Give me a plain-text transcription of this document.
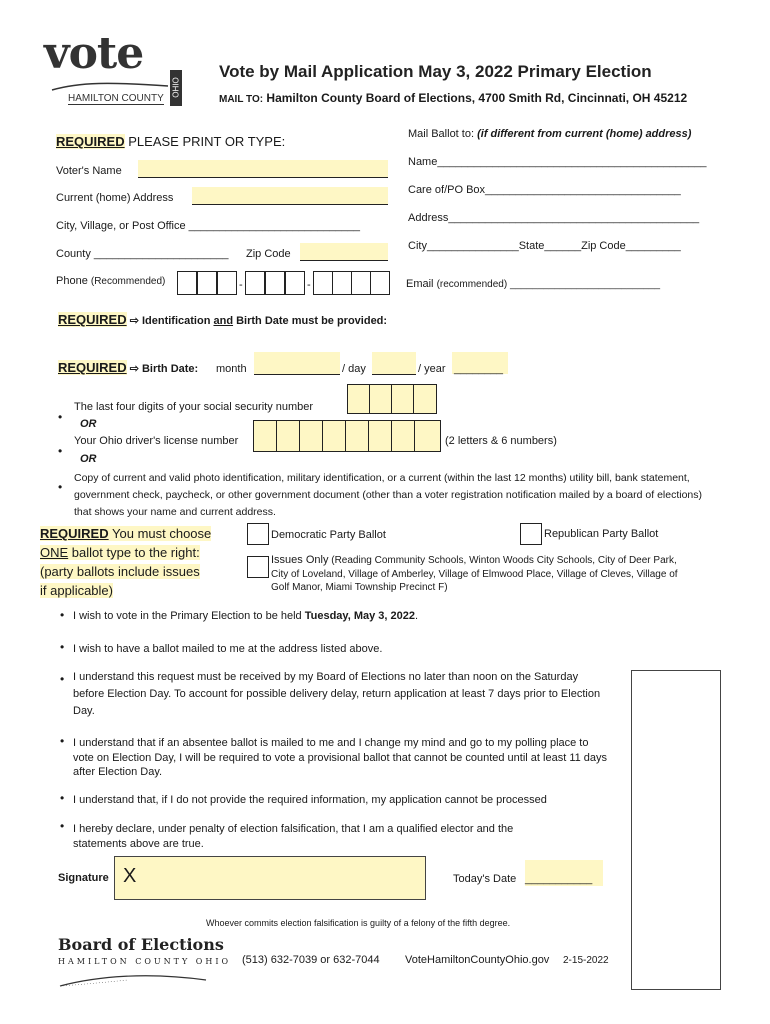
vote
HAMILTON COUNTY
OHIO
Vote by Mail Application May 3, 2022 Primary Election
MAIL TO: Hamilton County Board of Elections, 4700 Smith Rd, Cincinnati, OH 45212
REQUIRED PLEASE PRINT OR TYPE:
Voter's Name
Current (home) Address
City, Village, or Post Office ____________________________
County ______________________ Zip Code
Phone (Recommended)	-	-
Mail Ballot to: (if different from current (home) address)
Name____________________________________________
Care of/PO Box________________________________
Address_________________________________________
City_______________State______Zip Code_________
Email (recommended) ___________________________
REQUIRED ⇨ Identification and Birth Date must be provided:
REQUIRED ⇨ Birth Date: month	/ day	/ year ________
•
The last four digits of your social security number
OR
•
Your Ohio driver's license number	(2 letters & 6 numbers)
OR
•
Copy of current and valid photo identification, military identification, or a current (within the last 12 months) utility bill, bank statement, government check, paycheck, or other government document (other than a voter registration notification mailed by a board of elections) that shows your name and current address.
REQUIRED You must choose
ONE ballot type to the right:
(party ballots include issues
if applicable)
Democratic Party Ballot	Republican Party Ballot
Issues Only (Reading Community Schools, Winton Woods City Schools, City of Deer Park, City of Loveland, Village of Amberley, Village of Elmwood Place, Village of Cleves, Village of Golf Manor, Miami Township Precinct F)
• I wish to vote in the Primary Election to be held Tuesday, May 3, 2022.
• I wish to have a ballot mailed to me at the address listed above.
• I understand this request must be received by my Board of Elections no later than noon on the Saturday before Election Day. To account for possible delivery delay, return application at least 7 days prior to Election Day.
• I understand that if an absentee ballot is mailed to me and I change my mind and go to my polling place to vote on Election Day, I will be required to vote a provisional ballot that cannot be counted until at least 11 days after Election Day.
• I understand that, if I do not provide the required information, my application cannot be processed
• I hereby declare, under penalty of election falsification, that I am a qualified elector and the statements above are true.
Signature X	Today's Date ___________
Whoever commits election falsification is guilty of a felony of the fifth degree.
Board of Elections
HAMILTON COUNTY OHIO (513) 632-7039 or 632-7044 VoteHamiltonCountyOhio.gov 2-15-2022
